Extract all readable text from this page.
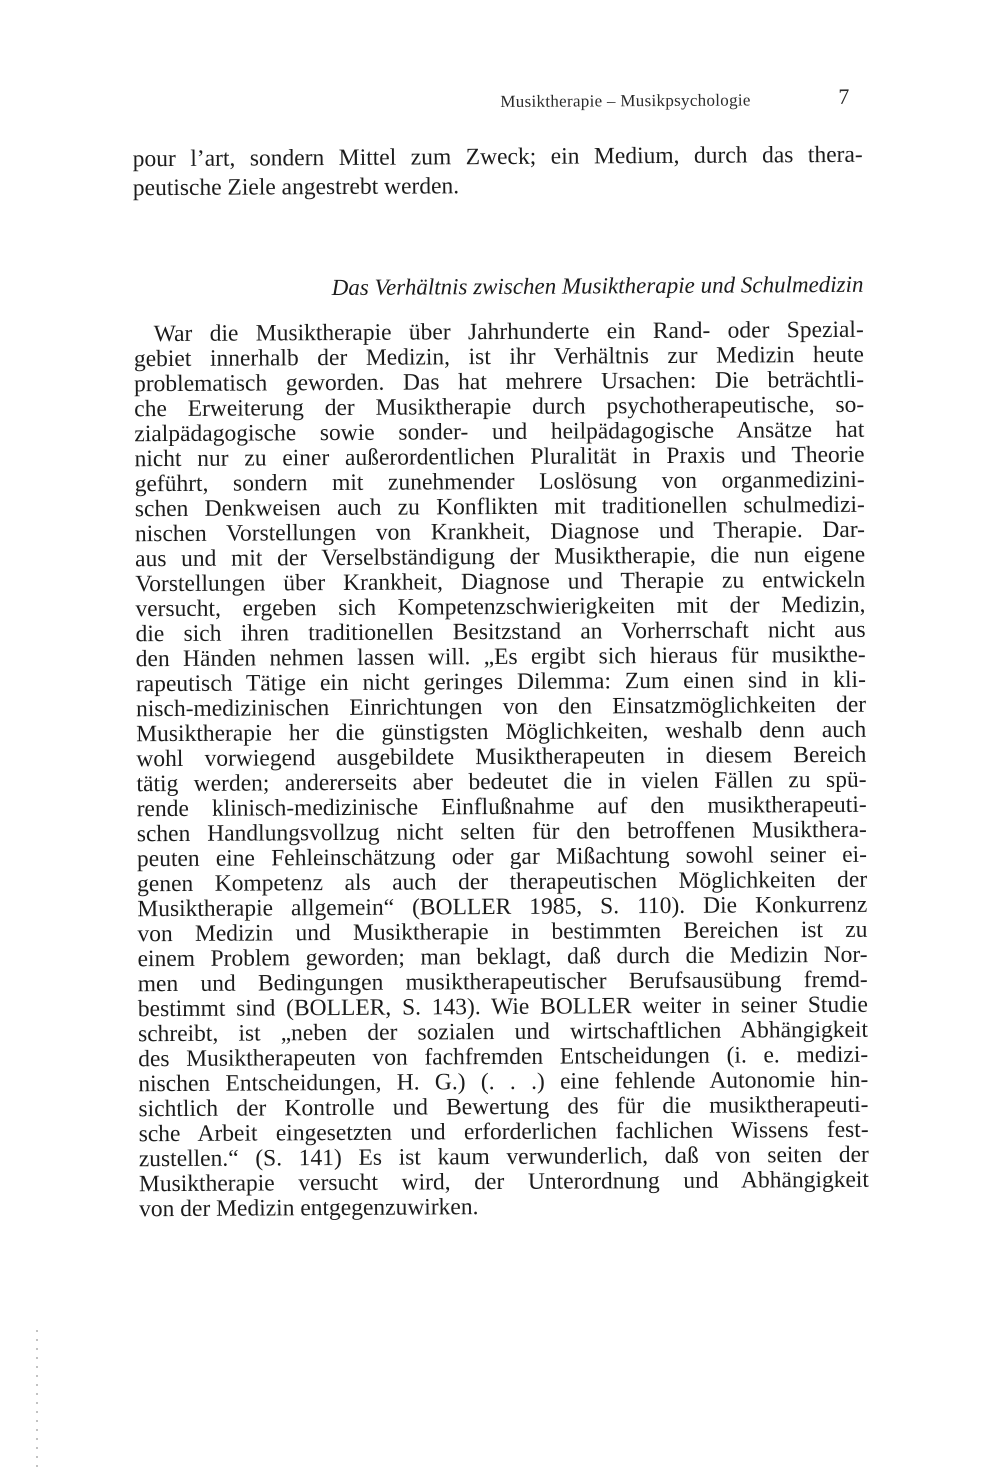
Musiktherapie – Musikpsychologie	7
pour l’art, sondern Mittel zum Zweck; ein Medium, durch das thera-
peutische Ziele angestrebt werden.
Das Verhältnis zwischen Musiktherapie und Schulmedizin
War die Musiktherapie über Jahrhunderte ein Rand- oder Spezial-
gebiet innerhalb der Medizin, ist ihr Verhältnis zur Medizin heute
problematisch geworden. Das hat mehrere Ursachen: Die beträchtli-
che Erweiterung der Musiktherapie durch psychotherapeutische, so-
zialpädagogische sowie sonder- und heilpädagogische Ansätze hat
nicht nur zu einer außerordentlichen Pluralität in Praxis und Theorie
geführt, sondern mit zunehmender Loslösung von organmedizini-
schen Denkweisen auch zu Konflikten mit traditionellen schulmedizi-
nischen Vorstellungen von Krankheit, Diagnose und Therapie. Dar-
aus und mit der Verselbständigung der Musiktherapie, die nun eigene
Vorstellungen über Krankheit, Diagnose und Therapie zu entwickeln
versucht, ergeben sich Kompetenzschwierigkeiten mit der Medizin,
die sich ihren traditionellen Besitzstand an Vorherrschaft nicht aus
den Händen nehmen lassen will. „Es ergibt sich hieraus für musikthe-
rapeutisch Tätige ein nicht geringes Dilemma: Zum einen sind in kli-
nisch-medizinischen Einrichtungen von den Einsatzmöglichkeiten der
Musiktherapie her die günstigsten Möglichkeiten, weshalb denn auch
wohl vorwiegend ausgebildete Musiktherapeuten in diesem Bereich
tätig werden; andererseits aber bedeutet die in vielen Fällen zu spü-
rende klinisch-medizinische Einflußnahme auf den musiktherapeuti-
schen Handlungsvollzug nicht selten für den betroffenen Musikthera-
peuten eine Fehleinschätzung oder gar Mißachtung sowohl seiner ei-
genen Kompetenz als auch der therapeutischen Möglichkeiten der
Musiktherapie allgemein“ (BOLLER 1985, S. 110). Die Konkurrenz
von Medizin und Musiktherapie in bestimmten Bereichen ist zu
einem Problem geworden; man beklagt, daß durch die Medizin Nor-
men und Bedingungen musiktherapeutischer Berufsausübung fremd-
bestimmt sind (BOLLER, S. 143). Wie BOLLER weiter in seiner Studie
schreibt, ist „neben der sozialen und wirtschaftlichen Abhängigkeit
des Musiktherapeuten von fachfremden Entscheidungen (i. e. medizi-
nischen Entscheidungen, H. G.) (. . .) eine fehlende Autonomie hin-
sichtlich der Kontrolle und Bewertung des für die musiktherapeuti-
sche Arbeit eingesetzten und erforderlichen fachlichen Wissens fest-
zustellen.“ (S. 141) Es ist kaum verwunderlich, daß von seiten der
Musiktherapie versucht wird, der Unterordnung und Abhängigkeit
von der Medizin entgegenzuwirken.
